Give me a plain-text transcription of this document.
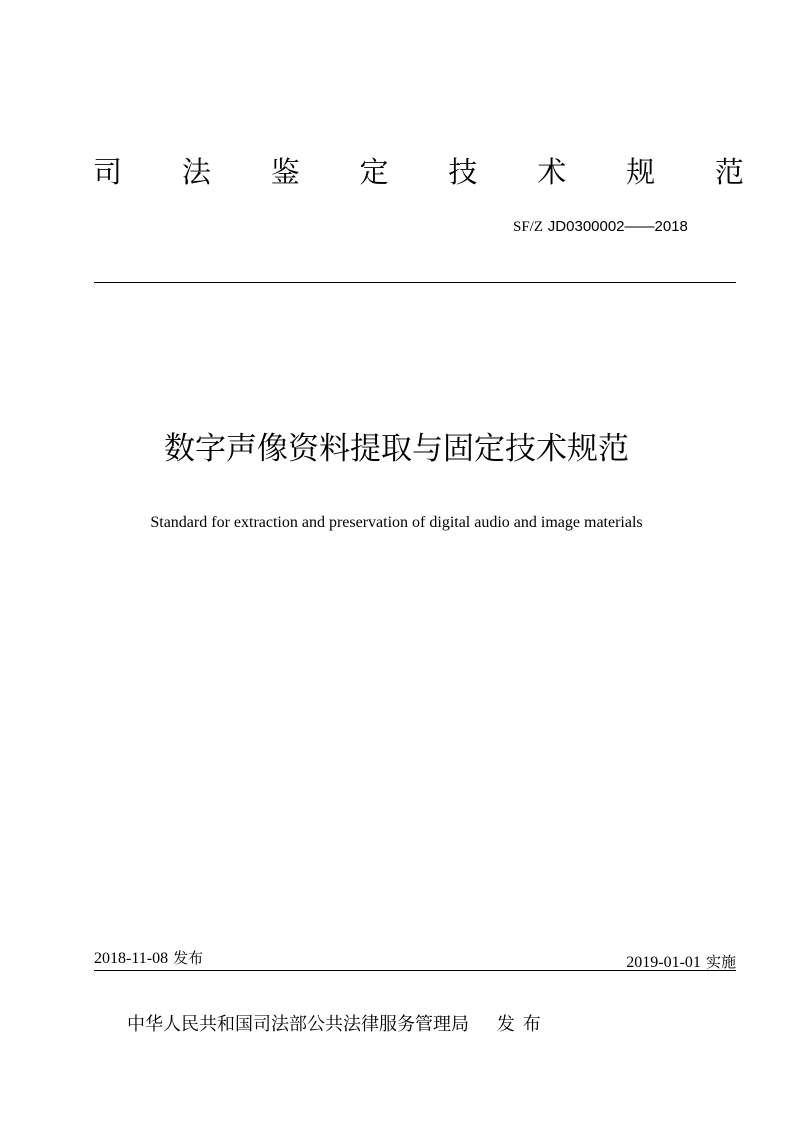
司 法 鉴 定 技 术 规 范
SF/Z JD0300002——2018
数字声像资料提取与固定技术规范
Standard for extraction and preservation of digital audio and image materials
2018-11-08 发布	2019-01-01 实施
中华人民共和国司法部公共法律服务管理局 发布
